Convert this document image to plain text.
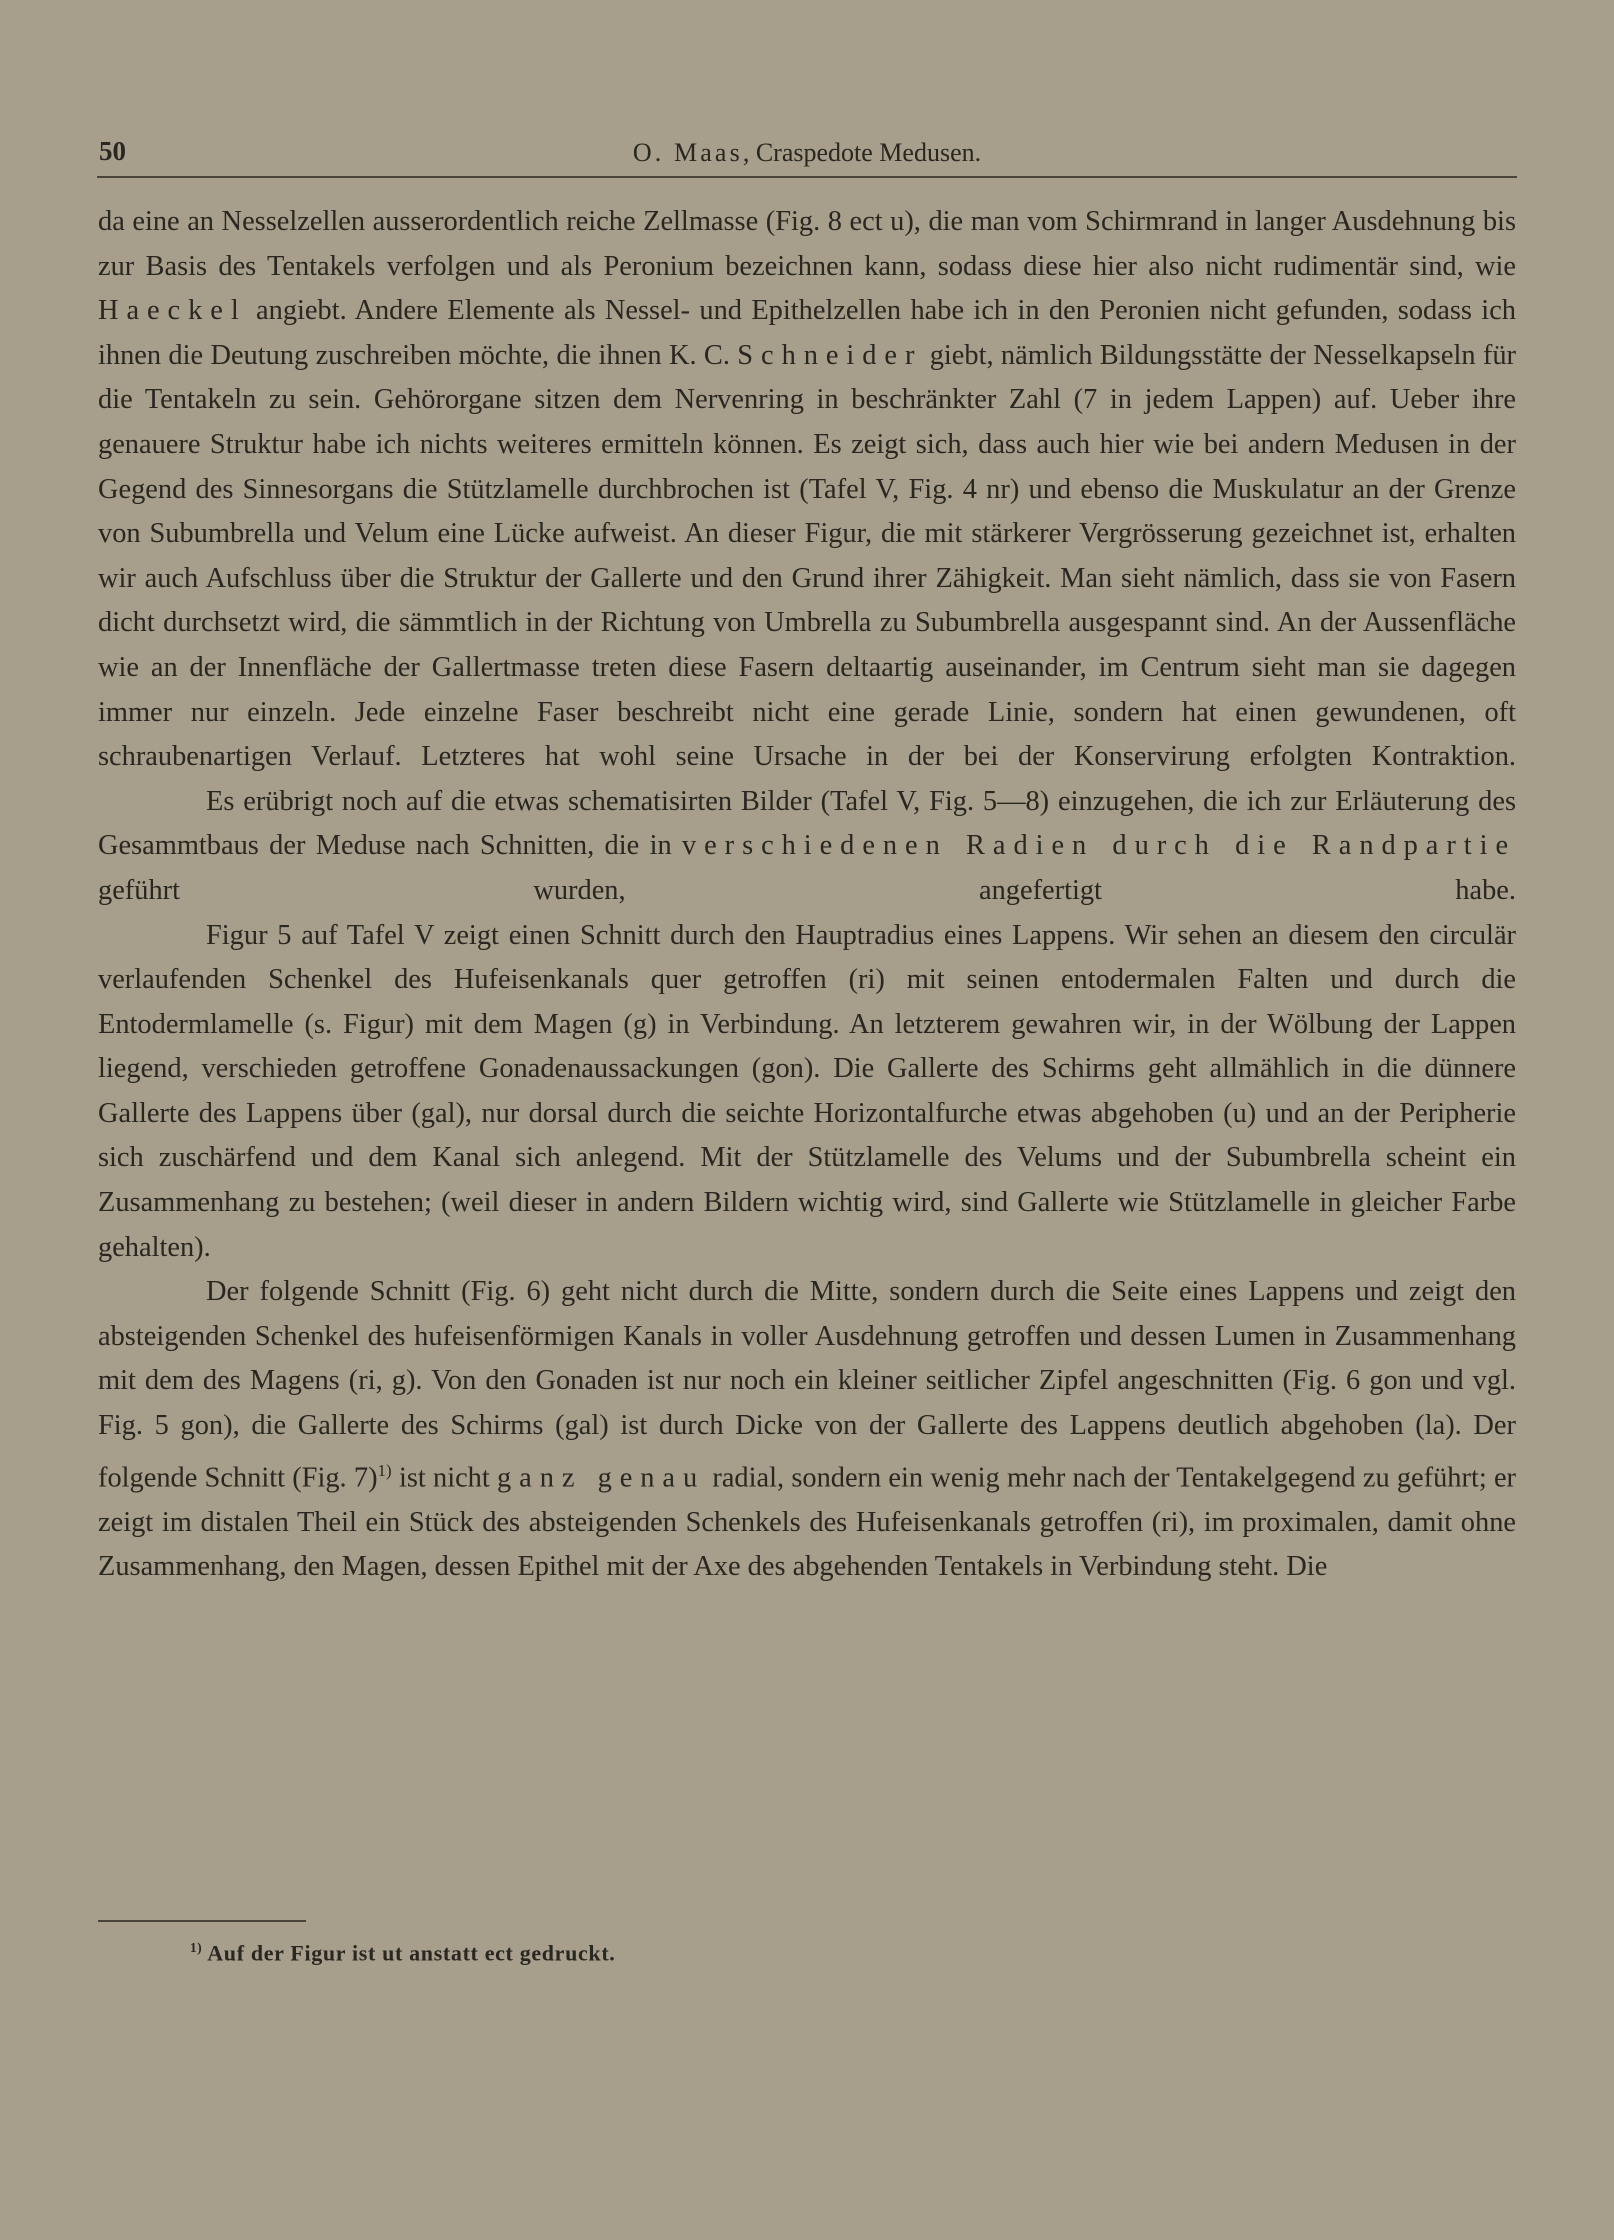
50	O. Maas, Craspedote Medusen.

da eine an Nesselzellen ausserordentlich reiche Zellmasse (Fig. 8 ect u), die man vom Schirmrand in langer Ausdehnung bis zur Basis des Tentakels verfolgen und als Peronium bezeichnen kann, sodass diese hier also nicht rudimentär sind, wie Haeckel angiebt. Andere Elemente als Nessel- und Epithelzellen habe ich in den Peronien nicht gefunden, sodass ich ihnen die Deutung zuschreiben möchte, die ihnen K. C. Schneider giebt, nämlich Bildungsstätte der Nesselkapseln für die Tentakeln zu sein. Gehörorgane sitzen dem Nervenring in beschränkter Zahl (7 in jedem Lappen) auf. Ueber ihre genauere Struktur habe ich nichts weiteres ermitteln können. Es zeigt sich, dass auch hier wie bei andern Medusen in der Gegend des Sinnesorgans die Stützlamelle durchbrochen ist (Tafel V, Fig. 4 nr) und ebenso die Muskulatur an der Grenze von Subumbrella und Velum eine Lücke aufweist. An dieser Figur, die mit stärkerer Vergrösserung gezeichnet ist, erhalten wir auch Aufschluss über die Struktur der Gallerte und den Grund ihrer Zähigkeit. Man sieht nämlich, dass sie von Fasern dicht durchsetzt wird, die sämmtlich in der Richtung von Umbrella zu Subumbrella ausgespannt sind. An der Aussenfläche wie an der Innenfläche der Gallertmasse treten diese Fasern deltaartig auseinander, im Centrum sieht man sie dagegen immer nur einzeln. Jede einzelne Faser beschreibt nicht eine gerade Linie, sondern hat einen gewundenen, oft schraubenartigen Verlauf. Letzteres hat wohl seine Ursache in der bei der Konservirung erfolgten Kontraktion.

Es erübrigt noch auf die etwas schematisirten Bilder (Tafel V, Fig. 5—8) einzugehen, die ich zur Erläuterung des Gesammtbaus der Meduse nach Schnitten, die in verschiedenen Radien durch die Randpartie geführt wurden, angefertigt habe.

Figur 5 auf Tafel V zeigt einen Schnitt durch den Hauptradius eines Lappens. Wir sehen an diesem den circulär verlaufenden Schenkel des Hufeisenkanals quer getroffen (ri) mit seinen entodermalen Falten und durch die Entodermlamelle (s. Figur) mit dem Magen (g) in Verbindung. An letzterem gewahren wir, in der Wölbung der Lappen liegend, verschieden getroffene Gonadenaussackungen (gon). Die Gallerte des Schirms geht allmählich in die dünnere Gallerte des Lappens über (gal), nur dorsal durch die seichte Horizontalfurche etwas abgehoben (u) und an der Peripherie sich zuschärfend und dem Kanal sich anlegend. Mit der Stützlamelle des Velums und der Subumbrella scheint ein Zusammenhang zu bestehen; (weil dieser in andern Bildern wichtig wird, sind Gallerte wie Stützlamelle in gleicher Farbe gehalten).

Der folgende Schnitt (Fig. 6) geht nicht durch die Mitte, sondern durch die Seite eines Lappens und zeigt den absteigenden Schenkel des hufeisenförmigen Kanals in voller Ausdehnung getroffen und dessen Lumen in Zusammenhang mit dem des Magens (ri, g). Von den Gonaden ist nur noch ein kleiner seitlicher Zipfel angeschnitten (Fig. 6 gon und vgl. Fig. 5 gon), die Gallerte des Schirms (gal) ist durch Dicke von der Gallerte des Lappens deutlich abgehoben (la). Der folgende Schnitt (Fig. 7)$^{1)}$ ist nicht ganz genau radial, sondern ein wenig mehr nach der Tentakelgegend zu geführt; er zeigt im distalen Theil ein Stück des absteigenden Schenkels des Hufeisenkanals getroffen (ri), im proximalen, damit ohne Zusammenhang, den Magen, dessen Epithel mit der Axe des abgehenden Tentakels in Verbindung steht. Die

$^{1)}$ Auf der Figur ist ut anstatt ect gedruckt.
